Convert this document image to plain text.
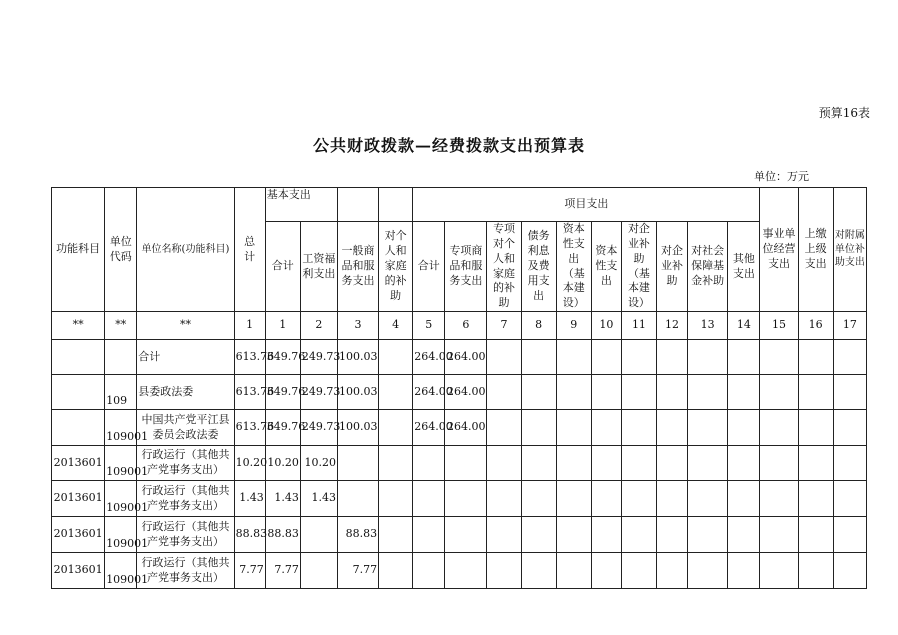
预算16表
公共财政拨款—经费拨款支出预算表
单位：万元
功能科目	单位代码	单位名称(功能科目)	总　计	基本支出				项目支出										事业单位经营支出	上缴上级支出	对附属单位补助支出
				合计	工资福利支出	一般商品和服务支出	对个人和家庭的补助	合计	专项商品和服务支出	专项对个人和家庭的补助	债务利息及费用支出	资本性支出（基本建设）	资本性支出	对企业补助（基本建设）	对企业补助	对社会保障基金补助	其他支出			
**	**	**	1	1	2	3	4	5	6	7	8	9	10	11	12	13	14	15	16	17
		合计	613.76	349.76	249.73	100.03		264.00	264.00											
	109	县委政法委	613.76	349.76	249.73	100.03		264.00	264.00											
	109001	中国共产党平江县委员会政法委	613.76	349.76	249.73	100.03		264.00	264.00											
2013601	109001	行政运行（其他共产党事务支出）	10.20	10.20	10.20															
2013601	109001	行政运行（其他共产党事务支出）	1.43	1.43	1.43															
2013601	109001	行政运行（其他共产党事务支出）	88.83	88.83		88.83														
2013601	109001	行政运行（其他共产党事务支出）	7.77	7.77		7.77														
